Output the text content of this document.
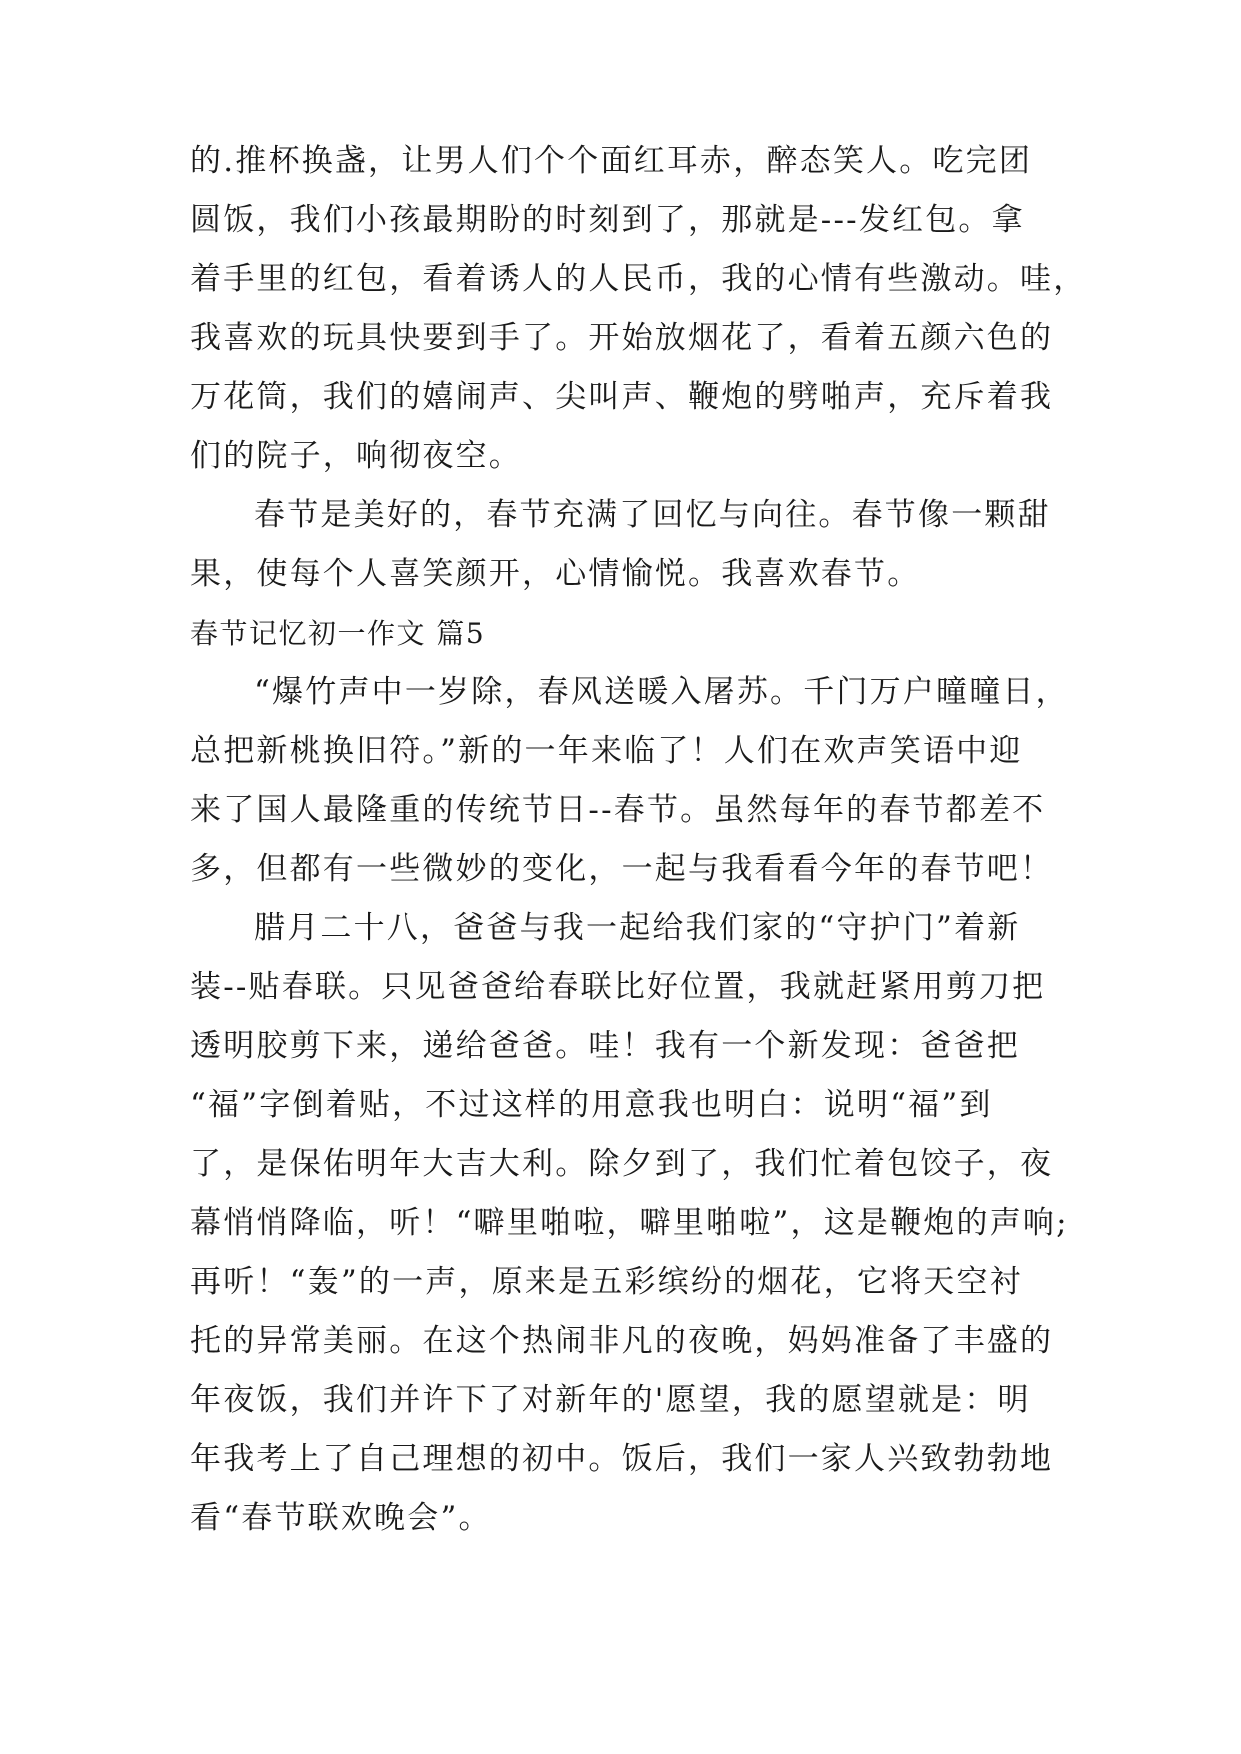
的.推杯换盏，让男人们个个面红耳赤，醉态笑人。吃完团
圆饭，我们小孩最期盼的时刻到了，那就是---发红包。拿
着手里的红包，看着诱人的人民币，我的心情有些激动。哇，
我喜欢的玩具快要到手了。开始放烟花了，看着五颜六色的
万花筒，我们的嬉闹声、尖叫声、鞭炮的劈啪声，充斥着我
们的院子，响彻夜空。
春节是美好的，春节充满了回忆与向往。春节像一颗甜
果，使每个人喜笑颜开，心情愉悦。我喜欢春节。
春节记忆初一作文 篇5
“爆竹声中一岁除，春风送暖入屠苏。千门万户曈曈日，
总把新桃换旧符。”新的一年来临了！人们在欢声笑语中迎
来了国人最隆重的传统节日--春节。虽然每年的春节都差不
多，但都有一些微妙的变化，一起与我看看今年的春节吧！
腊月二十八，爸爸与我一起给我们家的“守护门”着新
装--贴春联。只见爸爸给春联比好位置，我就赶紧用剪刀把
透明胶剪下来，递给爸爸。哇！我有一个新发现：爸爸把
“福”字倒着贴，不过这样的用意我也明白：说明“福”到
了，是保佑明年大吉大利。除夕到了，我们忙着包饺子，夜
幕悄悄降临，听！“噼里啪啦，噼里啪啦”，这是鞭炮的声响;
再听！“轰”的一声，原来是五彩缤纷的烟花，它将天空衬
托的异常美丽。在这个热闹非凡的夜晚，妈妈准备了丰盛的
年夜饭，我们并许下了对新年的'愿望，我的愿望就是：明
年我考上了自己理想的初中。饭后，我们一家人兴致勃勃地
看“春节联欢晚会”。
